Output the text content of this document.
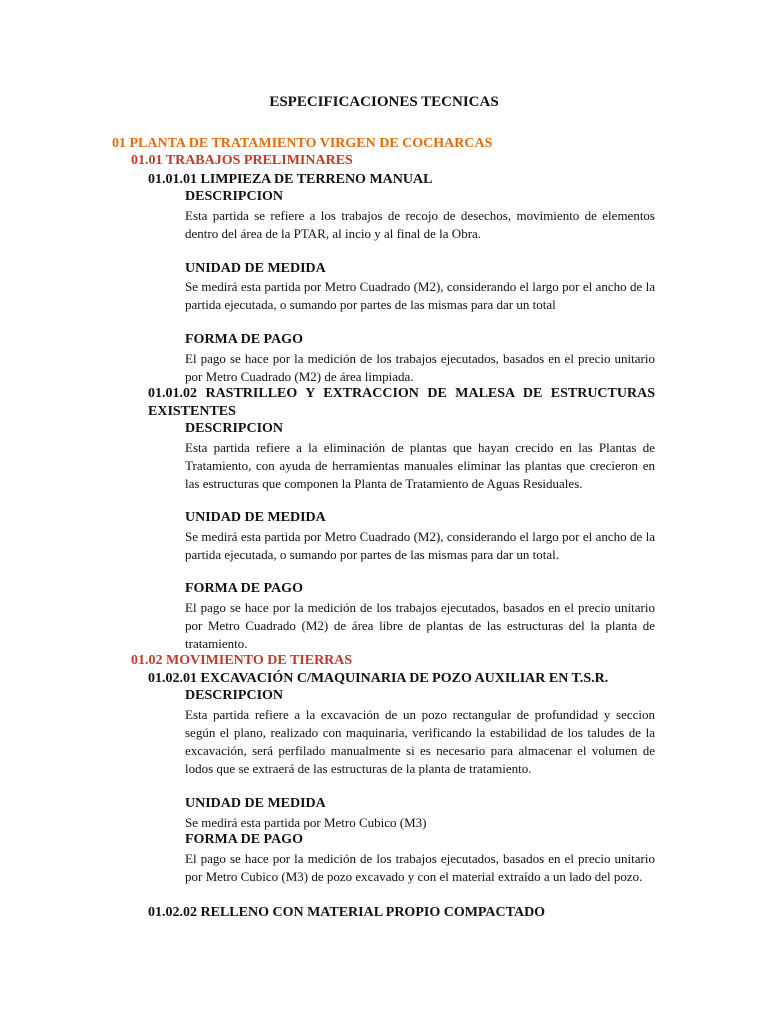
ESPECIFICACIONES TECNICAS
01 PLANTA DE TRATAMIENTO VIRGEN DE COCHARCAS
01.01 TRABAJOS PRELIMINARES
01.01.01 LIMPIEZA DE TERRENO MANUAL
DESCRIPCION
Esta partida se refiere a los trabajos de recojo de desechos, movimiento de elementos dentro del área de la PTAR, al incio y al final de la Obra.
UNIDAD DE MEDIDA
Se medirá esta partida por Metro Cuadrado (M2), considerando el largo por el ancho de la partida ejecutada, o sumando por partes de las mismas para dar un total
FORMA DE PAGO
El pago se hace por la medición de los trabajos ejecutados, basados en el precio unitario por Metro Cuadrado (M2) de área limpiada.
01.01.02 RASTRILLEO Y EXTRACCION DE MALESA DE ESTRUCTURAS EXISTENTES
DESCRIPCION
Esta partida refiere a la eliminación de plantas que hayan crecido en las Plantas de Tratamiento, con ayuda de herramientas manuales eliminar las plantas que crecieron en las estructuras que componen la Planta de Tratamiento de Aguas Residuales.
UNIDAD DE MEDIDA
Se medirá esta partida por Metro Cuadrado (M2), considerando el largo por el ancho de la partida ejecutada, o sumando por partes de las mismas para dar un total.
FORMA DE PAGO
El pago se hace por la medición de los trabajos ejecutados, basados en el precio unitario por Metro Cuadrado (M2) de área libre de plantas de las estructuras del la planta de tratamiento.
01.02 MOVIMIENTO DE TIERRAS
01.02.01 EXCAVACIÓN C/MAQUINARIA DE POZO AUXILIAR EN T.S.R.
DESCRIPCION
Esta partida refiere a la excavación de un pozo rectangular de profundidad y seccion según el plano, realizado con maquinaria, verificando la estabilidad de los taludes de la excavación, será perfilado manualmente si es necesario para almacenar el volumen de lodos que se extraerá de las estructuras de la planta de tratamiento.
UNIDAD DE MEDIDA
Se medirá esta partida por Metro Cubico (M3)
FORMA DE PAGO
El pago se hace por la medición de los trabajos ejecutados, basados en el precio unitario por Metro Cubico (M3) de pozo excavado y con el material extraído a un lado del pozo.
01.02.02 RELLENO CON MATERIAL PROPIO COMPACTADO
